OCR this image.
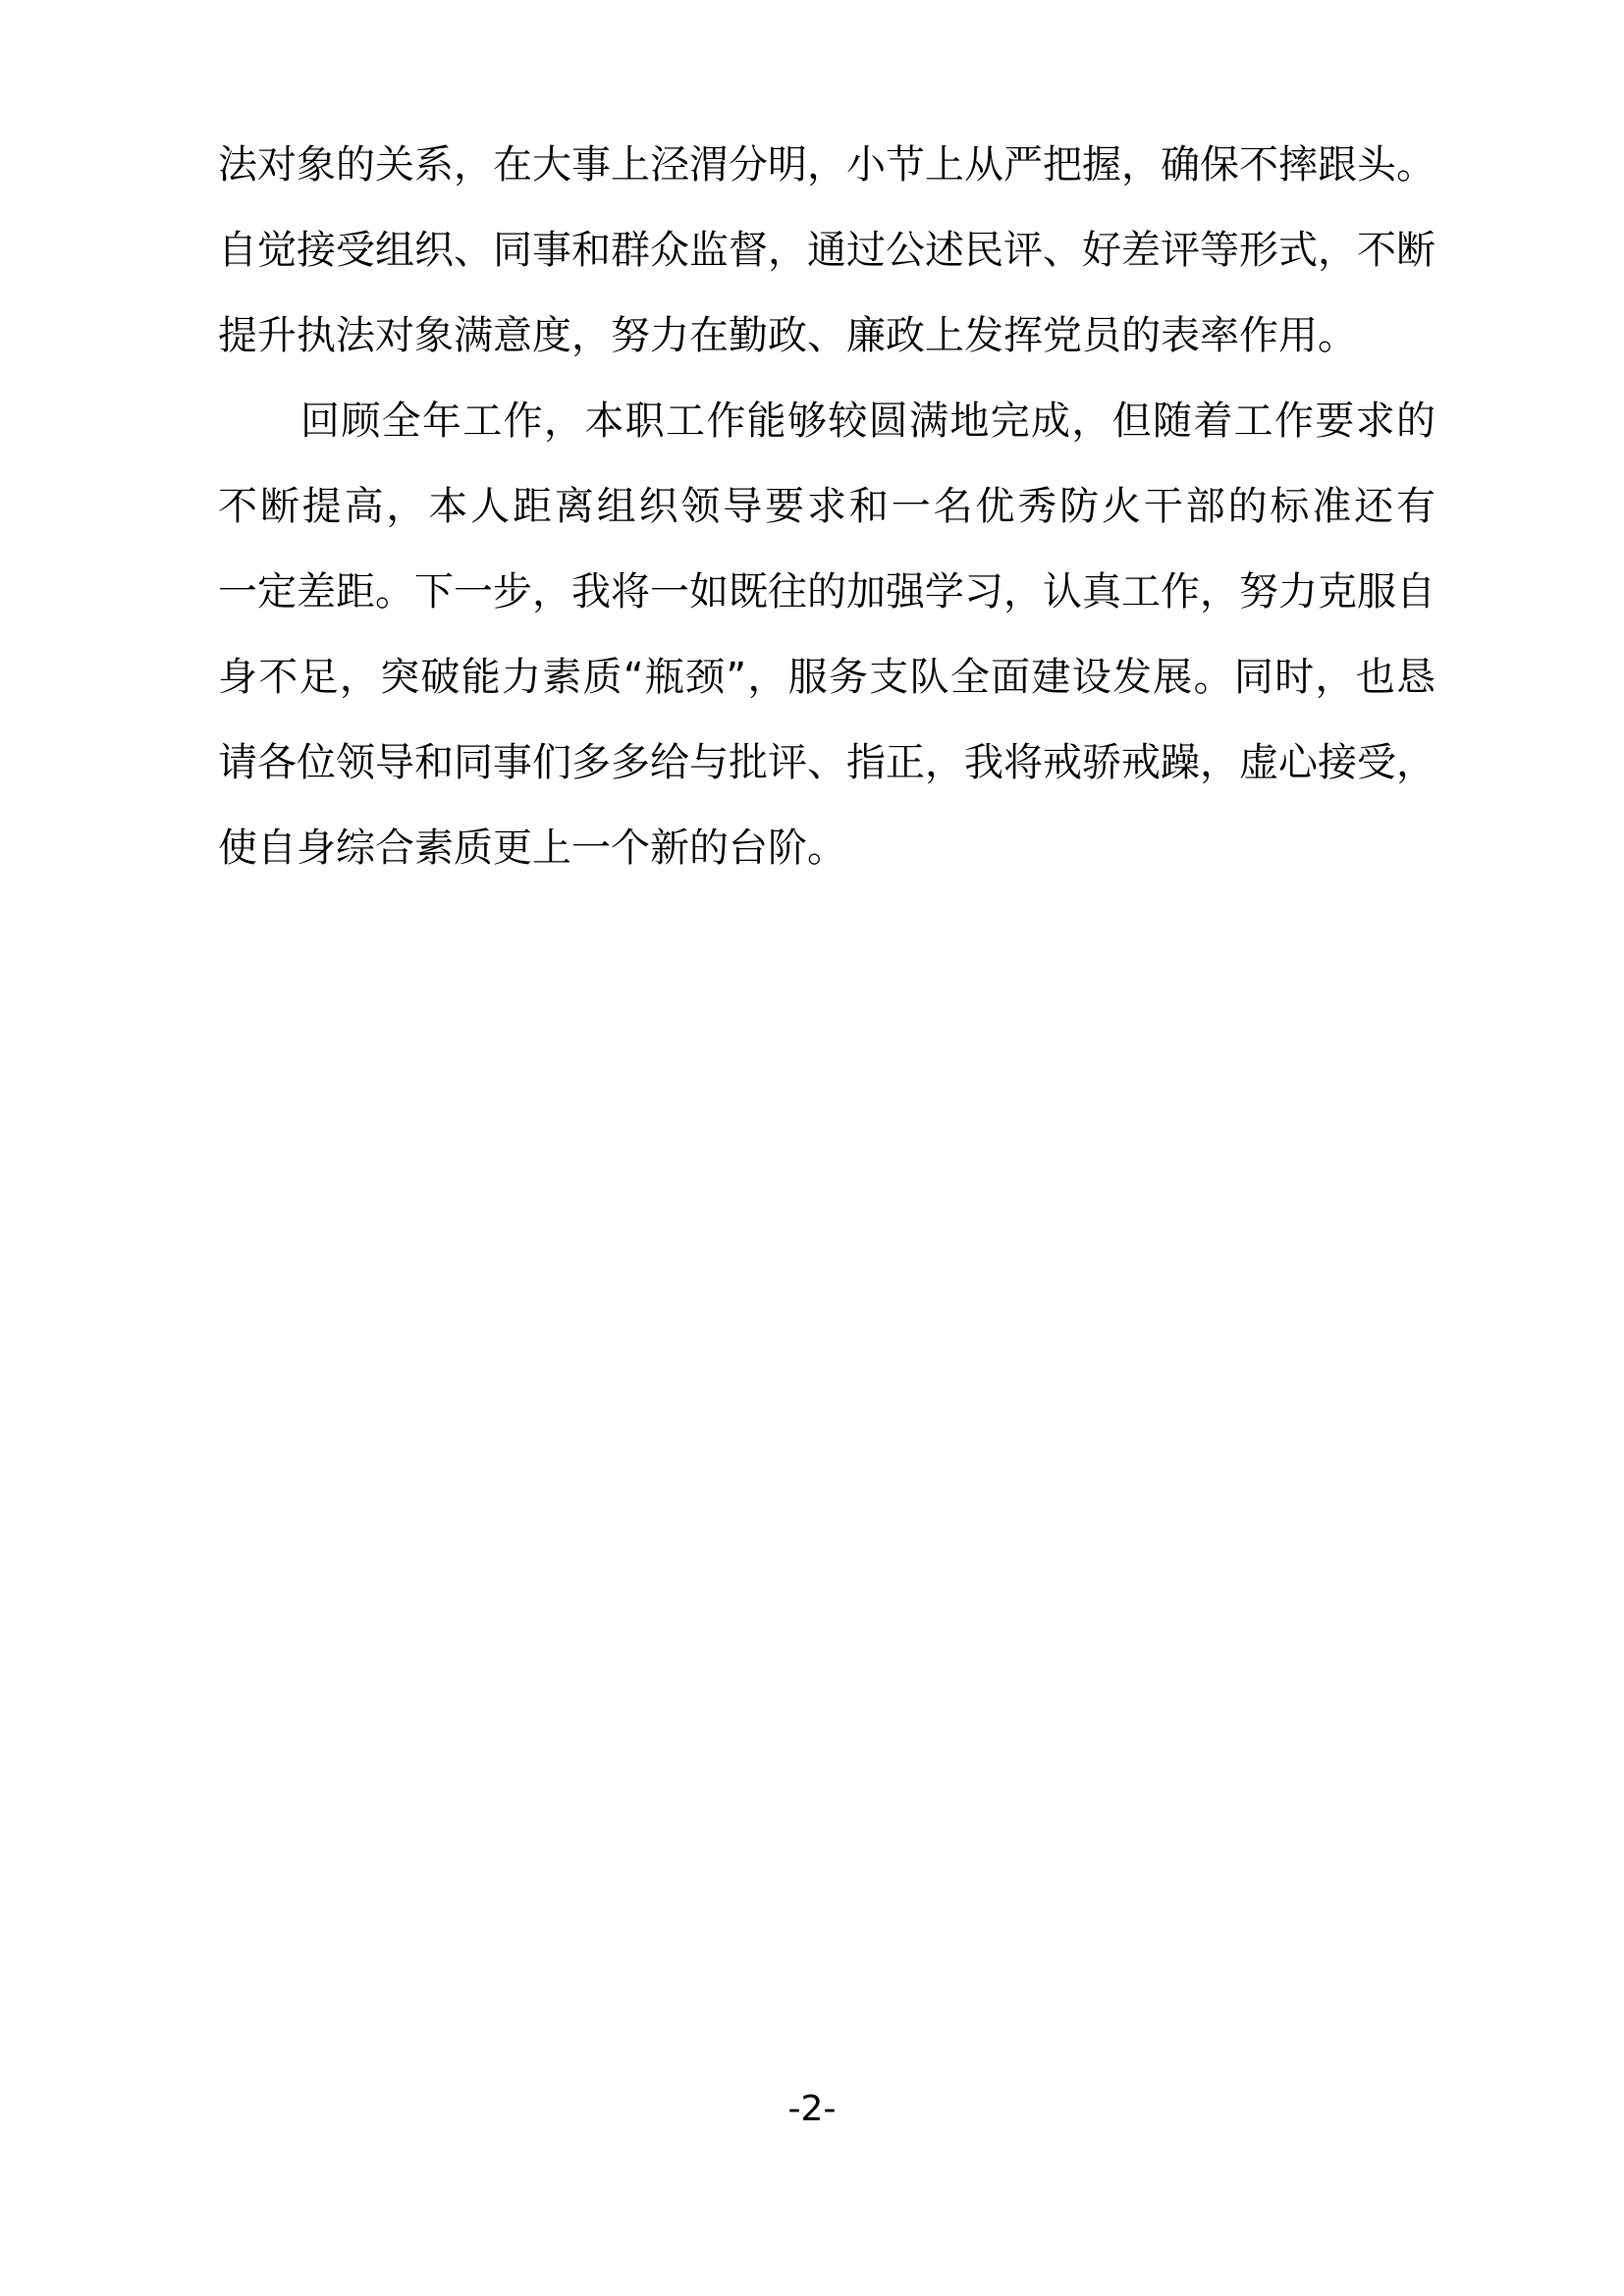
法对象的关系，在大事上泾渭分明，小节上从严把握，确保不摔跟头。
自觉接受组织、同事和群众监督，通过公述民评、好差评等形式，不断
提升执法对象满意度，努力在勤政、廉政上发挥党员的表率作用。
回顾全年工作，本职工作能够较圆满地完成，但随着工作要求的
不断提高，本人距离组织领导要求和一名优秀防火干部的标准还有
一定差距。下一步，我将一如既往的加强学习，认真工作，努力克服自
身不足，突破能力素质“瓶颈”，服务支队全面建设发展。同时，也恳
请各位领导和同事们多多给与批评、指正，我将戒骄戒躁，虚心接受，
使自身综合素质更上一个新的台阶。
-2-
